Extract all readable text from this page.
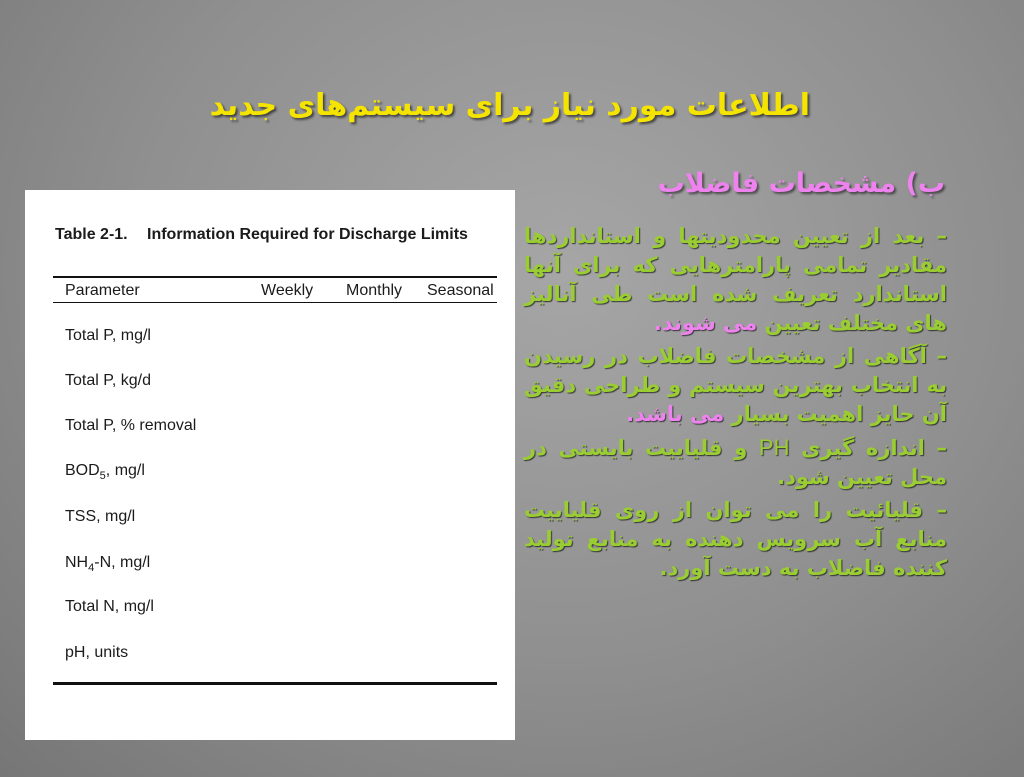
اطلاعات مورد نیاز برای سیستم‌های جدید
ب) مشخصات فاضلاب
Table 2-1. Information Required for Discharge Limits
Parameter	Weekly Monthly Seasonal
Total P, mg/l
Total P, kg/d
Total P, % removal
$BOD_5$, mg/l
TSS, mg/l
$NH_4-N$, mg/l
Total N, mg/l
pH, units

– بعد از تعیین محدودیتها و استانداردها مقادیر تمامی پارامترهایی که برای آنها استاندارد تعریف شده است طی آنالیز های مختلف تعیین می شوند.

– آگاهی از مشخصات فاضلاب در رسیدن به انتخاب بهترین سیستم و طراحی دقیق آن حایز اهمیت بسیار می باشد.

– اندازه گیری PH و قلیاییت بایستی در محل تعیین شود.

– قلیائیت را می توان از روی قلیاییت منابع آب سرویس دهنده به منابع تولید کننده فاضلاب به دست آورد.
